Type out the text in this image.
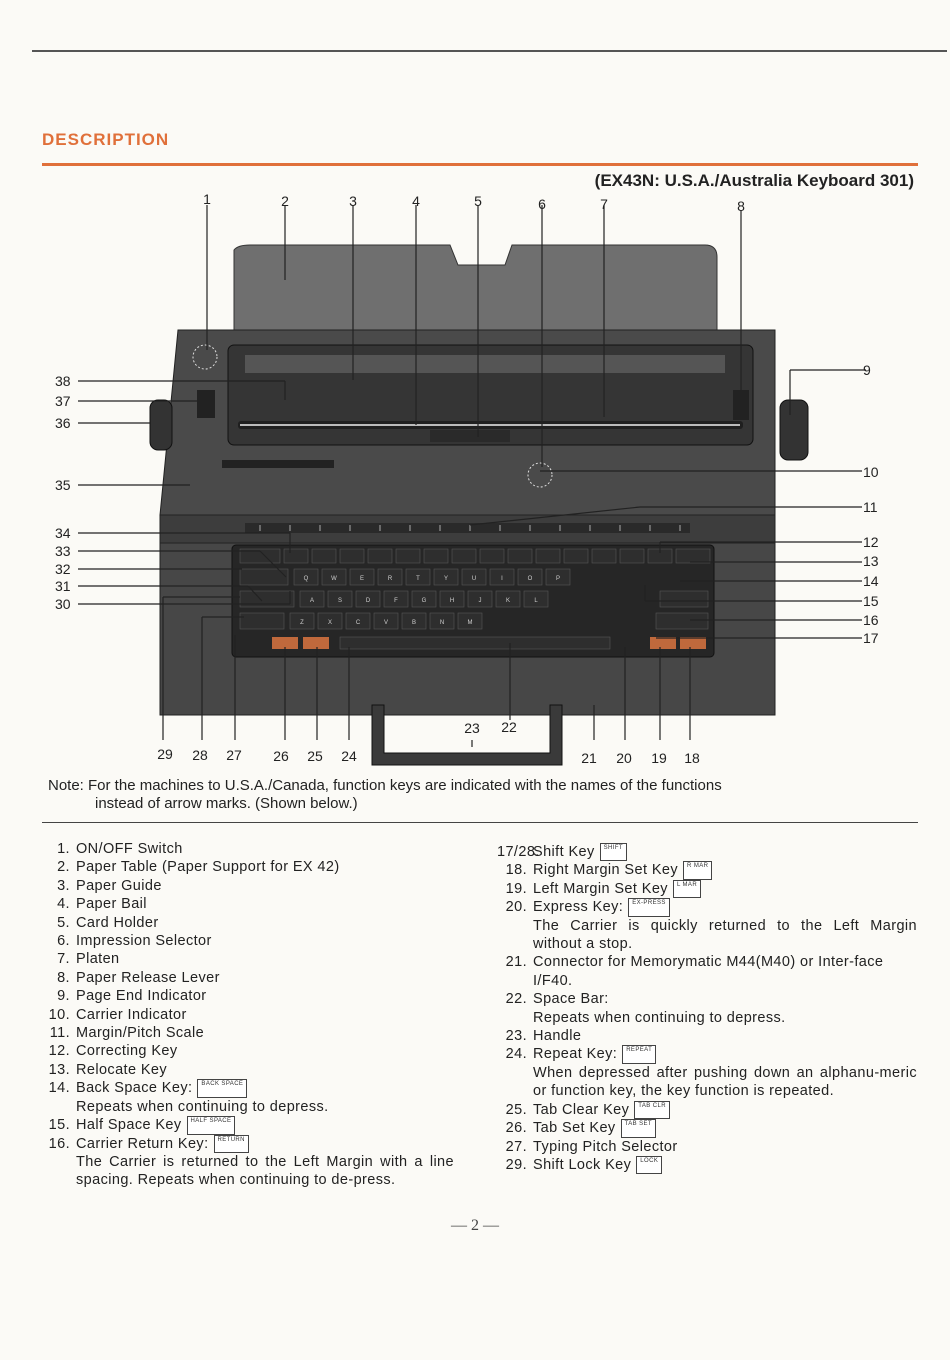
DESCRIPTION
(EX43N: U.S.A./Australia Keyboard 301)
Q	W	E	R	T	Y	U	I	O	P
A	S	D	F	G	H	J	K	L
Z	X	C	V	B	N	M
1	2	3	4	5	6	7	8
9
10
11
12
13
14
15
16
17
38
37
36
35
34
33
32
31
30
29 28 27 26 25 24
23 22
21 20 19 18
Note: For the machines to U.S.A./Canada, function keys are indicated with the names of the functions
instead of arrow marks. (Shown below.)
1. ON/OFF Switch
2. Paper Table (Paper Support for EX 42)
3. Paper Guide
4. Paper Bail
5. Card Holder
6. Impression Selector
7. Platen
8. Paper Release Lever
9. Page End Indicator
10. Carrier Indicator
11. Margin/Pitch Scale
12. Correcting Key
13. Relocate Key
14. Back Space Key:	BACK SPACE
Repeats when continuing to depress.
15. Half Space Key	HALF SPACE
16. Carrier Return Key:	RETURN
The Carrier is returned to the Left Margin with a line spacing. Repeats when continuing to de-press.
17/28.
Shift Key	SHIFT
18. Right Margin Set Key	R MAR
19. Left Margin Set Key	L MAR
20. Express Key:	EX-PRESS
The Carrier is quickly returned to the Left Margin without a stop.
21. Connector for Memorymatic M44(M40) or Inter-face I/F40.
22. Space Bar:
Repeats when continuing to depress.
23. Handle
24. Repeat Key:	REPEAT
When depressed after pushing down an alphanu-meric or function key, the key function is repeated.
25. Tab Clear Key	TAB CLR
26. Tab Set Key	TAB SET
27. Typing Pitch Selector
29. Shift Lock Key	LOCK
— 2 —
